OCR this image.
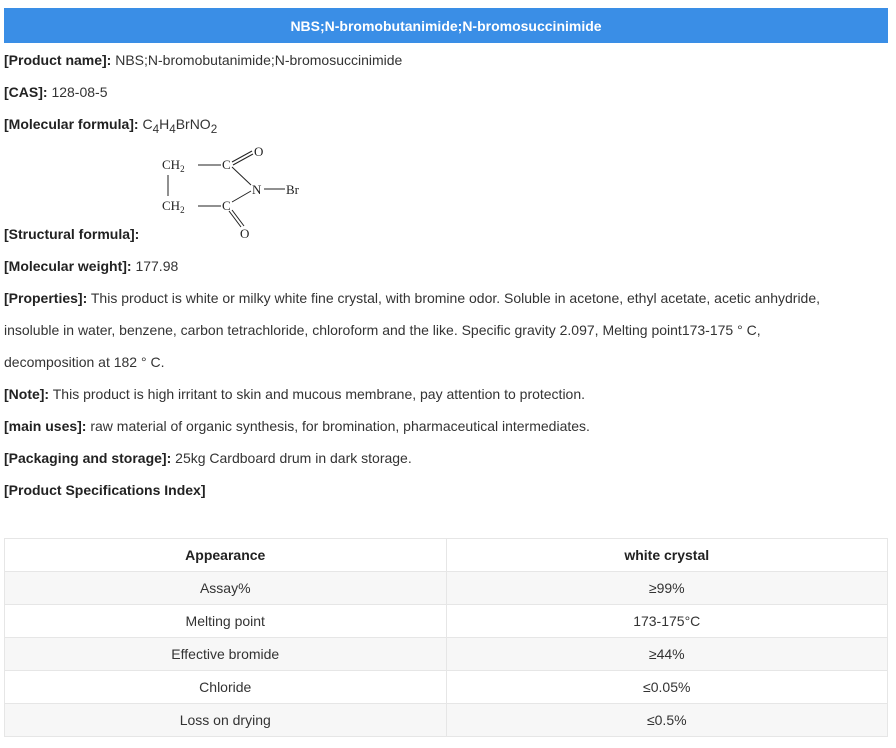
NBS;N-bromobutanimide;N-bromosuccinimide
[Product name]: NBS;N-bromobutanimide;N-bromosuccinimide
[CAS]: 128-08-5
[Molecular formula]: $C_4H_4BrNO_2$
$CH_2$
$CH_2$
C
C
O
O
N Br
[Structural formula]:
[Molecular weight]: 177.98
[Properties]: This product is white or milky white fine crystal, with bromine odor. Soluble in acetone, ethyl acetate, acetic anhydride,
insoluble in water, benzene, carbon tetrachloride, chloroform and the like. Specific gravity 2.097, Melting point173-175 ° C,
decomposition at 182 ° C.
[Note]: This product is high irritant to skin and mucous membrane, pay attention to protection.
[main uses]: raw material of organic synthesis, for bromination, pharmaceutical intermediates.
[Packaging and storage]: 25kg Cardboard drum in dark storage.
[Product Specifications Index]
Appearance	white crystal
Assay%	≥99%
Melting point	173-175°C
Effective bromide	≥44%
Chloride	≤0.05%
Loss on drying	≤0.5%
